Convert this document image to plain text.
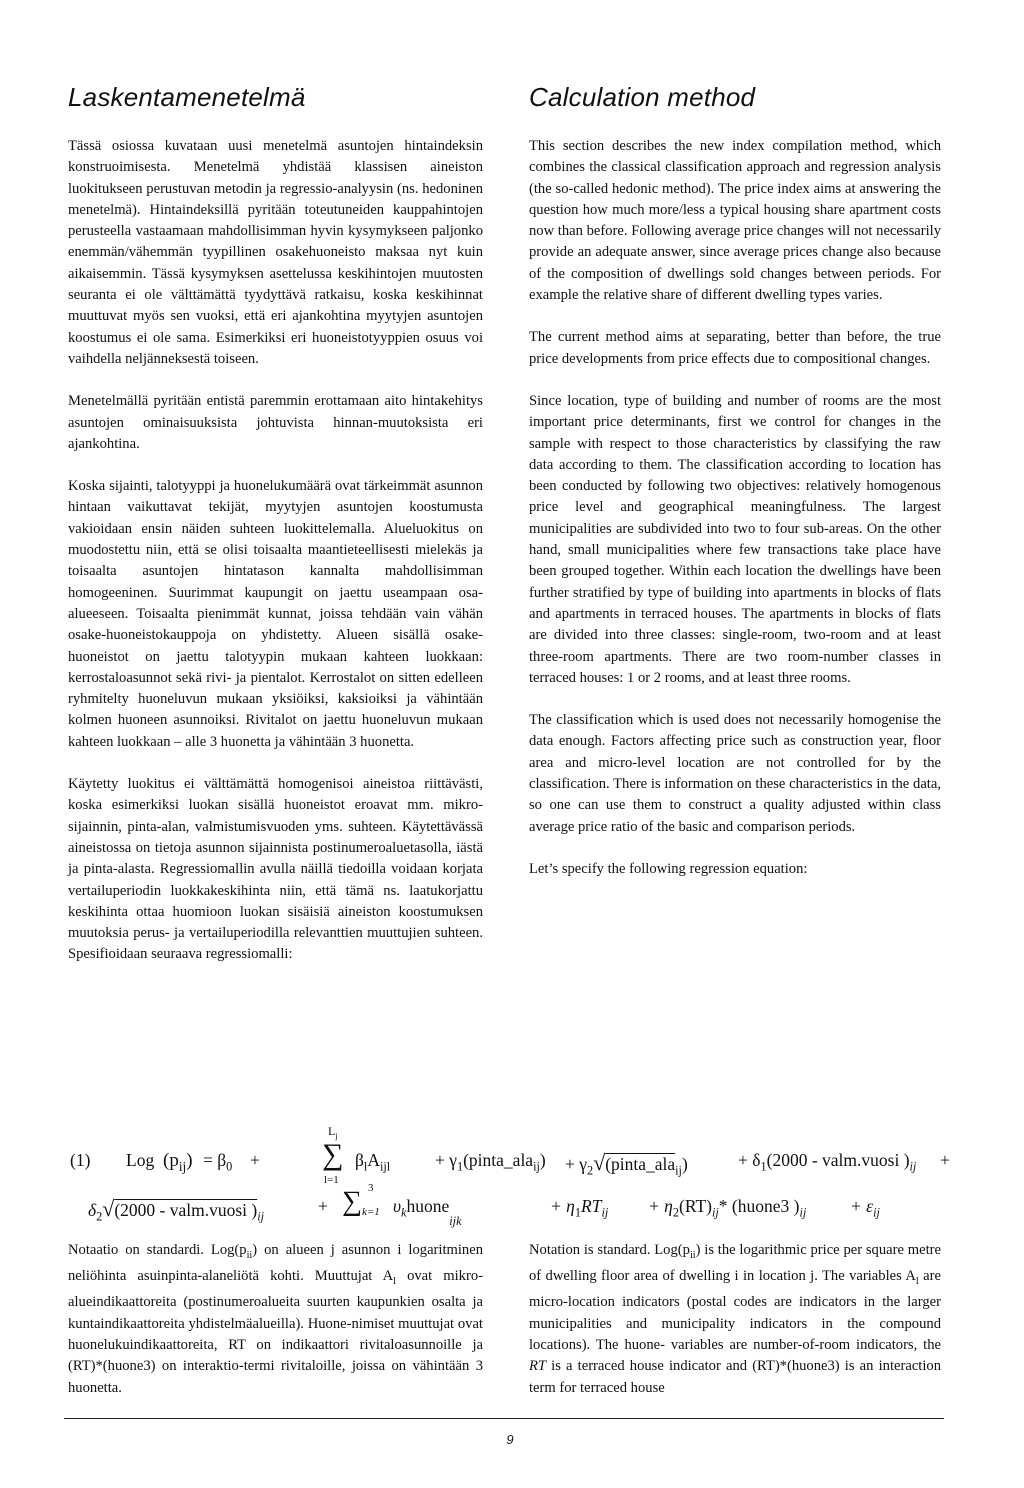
Laskentamenetelmä	Calculation method

Tässä osiossa kuvataan uusi menetelmä asuntojen hintaindeksin konstruoimisesta. Menetelmä yhdistää klassisen aineiston luokitukseen perustuvan metodin ja regressio-analyysin (ns. hedoninen menetelmä). Hintaindeksillä pyritään toteutuneiden kauppahintojen perusteella vastaamaan mahdollisimman hyvin kysymykseen paljonko enemmän/vähemmän tyypillinen osakehuoneisto maksaa nyt kuin aikaisemmin. Tässä kysymyksen asettelussa keskihintojen muutosten seuranta ei ole välttämättä tyydyttävä ratkaisu, koska keskihinnat muuttuvat myös sen vuoksi, että eri ajankohtina myytyjen asuntojen koostumus ei ole sama. Esimerkiksi eri huoneistotyyppien osuus voi vaihdella neljänneksestä toiseen.

Menetelmällä pyritään entistä paremmin erottamaan aito hintakehitys asuntojen ominaisuuksista johtuvista hinnan-muutoksista eri ajankohtina.

Koska sijainti, talotyyppi ja huonelukumäärä ovat tärkeimmät asunnon hintaan vaikuttavat tekijät, myytyjen asuntojen koostumusta vakioidaan ensin näiden suhteen luokittelemalla. Alueluokitus on muodostettu niin, että se olisi toisaalta maantieteellisesti mielekäs ja toisaalta asuntojen hintatason kannalta mahdollisimman homogeeninen. Suurimmat kaupungit on jaettu useampaan osa-alueeseen. Toisaalta pienimmät kunnat, joissa tehdään vain vähän osake-huoneistokauppoja on yhdistetty. Alueen sisällä osake-huoneistot on jaettu talotyypin mukaan kahteen luokkaan: kerrostaloasunnot sekä rivi- ja pientalot. Kerrostalot on sitten edelleen ryhmitelty huoneluvun mukaan yksiöiksi, kaksioiksi ja vähintään kolmen huoneen asunnoiksi. Rivitalot on jaettu huoneluvun mukaan kahteen luokkaan – alle 3 huonetta ja vähintään 3 huonetta.

Käytetty luokitus ei välttämättä homogenisoi aineistoa riittävästi, koska esimerkiksi luokan sisällä huoneistot eroavat mm. mikro-sijainnin, pinta-alan, valmistumisvuoden yms. suhteen. Käytettävässä aineistossa on tietoja asunnon sijainnista postinumeroaluetasolla, iästä ja pinta-alasta. Regressiomallin avulla näillä tiedoilla voidaan korjata vertailuperiodin luokkakeskihinta niin, että tämä ns. laatukorjattu keskihinta ottaa huomioon luokan sisäisiä aineiston koostumuksen muutoksia perus- ja vertailuperiodilla relevanttien muuttujien suhteen. Spesifioidaan seuraava regressiomalli:

This section describes the new index compilation method, which combines the classical classification approach and regression analysis (the so-called hedonic method). The price index aims at answering the question how much more/less a typical housing share apartment costs now than before. Following average price changes will not necessarily provide an adequate answer, since average prices change also because of the composition of dwellings sold changes between periods. For example the relative share of different dwelling types varies.

The current method aims at separating, better than before, the true price developments from price effects due to compositional changes.

Since location, type of building and number of rooms are the most important price determinants, first we control for changes in the sample with respect to those characteristics by classifying the raw data according to them. The classification according to location has been conducted by following two objectives: relatively homogenous price level and geographical meaningfulness. The largest municipalities are subdivided into two to four sub-areas. On the other hand, small municipalities where few transactions take place have been grouped together. Within each location the dwellings have been further stratified by type of building into apartments in blocks of flats and apartments in terraced houses. The apartments in blocks of flats are divided into three classes: single-room, two-room and at least three-room apartments. There are two room-number classes in terraced houses: 1 or 2 rooms, and at least three rooms.

The classification which is used does not necessarily homogenise the data enough. Factors affecting price such as construction year, floor area and micro-level location are not controlled for by the classification. There is information on these characteristics in the data, so one can use them to construct a quality adjusted within class average price ratio of the basic and comparison periods.

Let’s specify the following regression equation:

(1) Log $(p_{ij}) = \beta_0$ +
$L_j$
∑
l=1
$\beta_lA_{ijl}$	+ $\gamma_1(pinta\_ala_{ij})$ + $\gamma_2√(pinta\_ala_{ij})$	+ $\delta_1(2000$ - valm.vuosi )$_{ij}$ +
$\delta_2√(2000$ - valm.vuosi )$_{ij}$
+ ∑ 3
k=1 $\upsilon_khuone_{ijk}$
+ $\eta_1RT_{ij} + \eta_2(RT)_{ij}*$ (huone3 )$_{ij} + \varepsilon_{ij}$
Notaatio on standardi. $Log(p_{ii})$ on alueen j asunnon i logaritminen neliöhinta asuinpinta-alaneliötä kohti. Muuttujat $A_l$ ovat mikro-alueindikaattoreita (postinumeroalueita suurten kaupunkien osalta ja kuntaindikaattoreita yhdistelmäalueilla). Huone-nimiset muuttujat ovat huonelukuindikaattoreita, RT on indikaattori rivitaloasunnoille ja (RT)*(huone3) on interaktio-termi rivitaloille, joissa on vähintään 3 huonetta.
Notation is standard. $Log(p_{ii})$ is the logarithmic price per square metre of dwelling floor area of dwelling i in location j. The variables $A_l$ are micro-location indicators (postal codes are indicators in the larger municipalities and municipality indicators in the compound locations). The huone- variables are number-of-room indicators, the RT is a terraced house indicator and (RT)*(huone3) is an interaction term for terraced house
9
